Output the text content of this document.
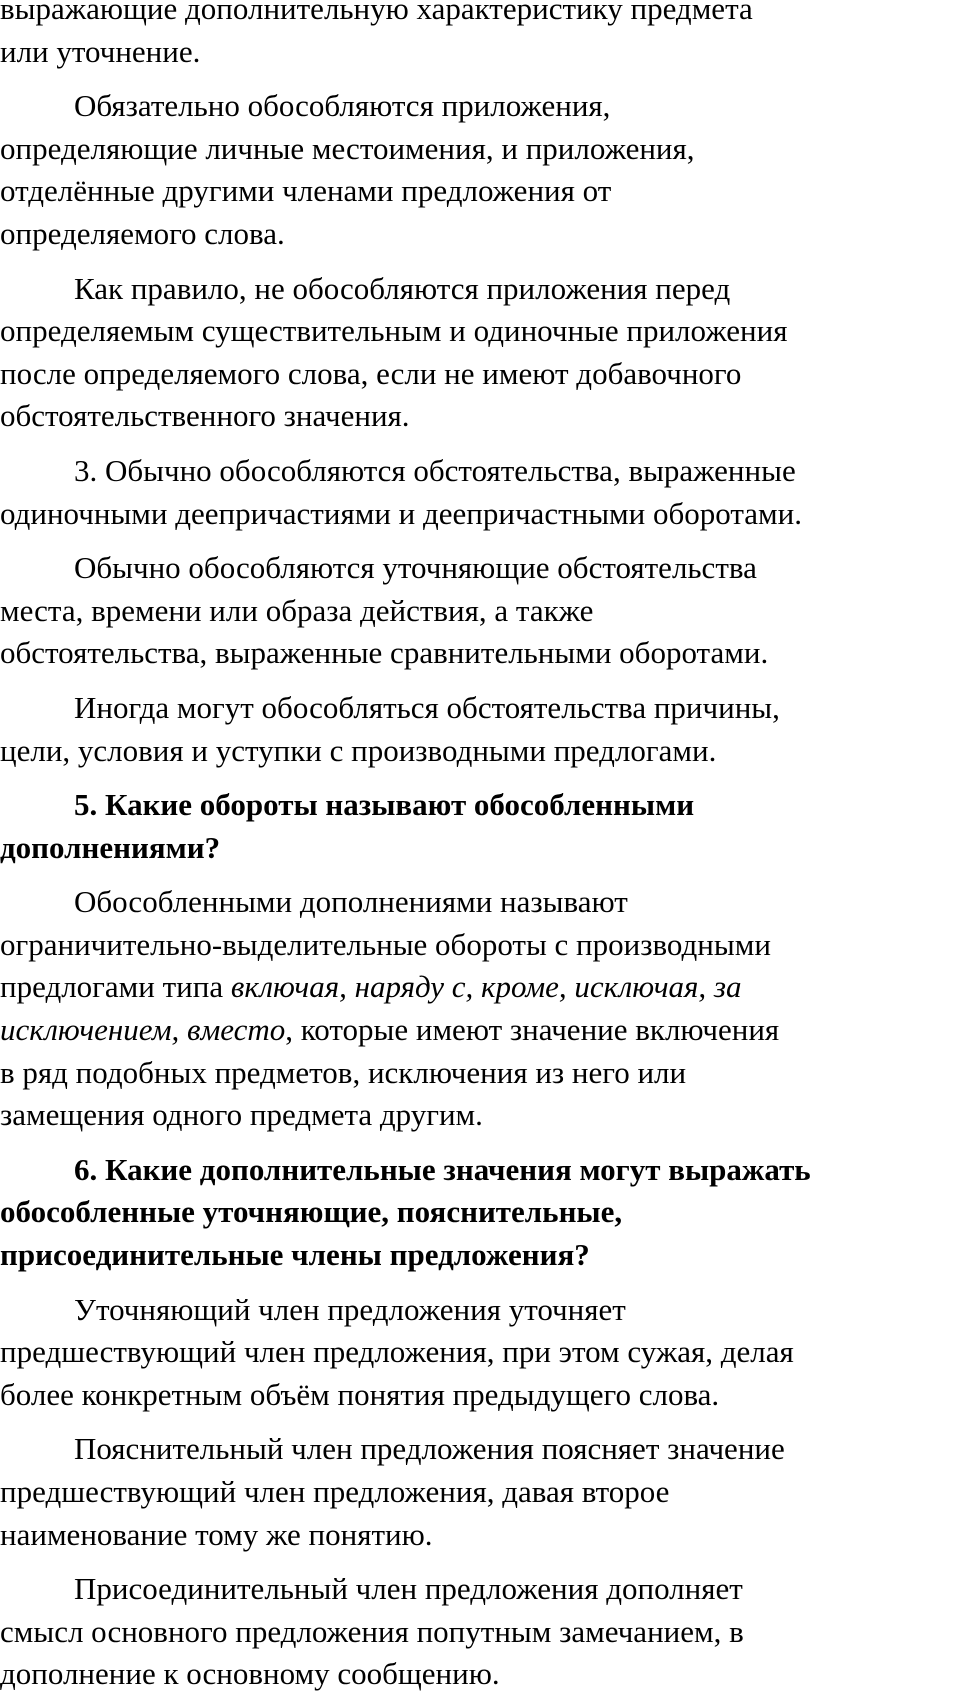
выражающие дополнительную характеристику предмета
или уточнение.

Обязательно обособляются приложения,
определяющие личные местоимения, и приложения,
отделённые другими членами предложения от
определяемого слова.

Как правило, не обособляются приложения перед
определяемым существительным и одиночные приложения
после определяемого слова, если не имеют добавочного
обстоятельственного значения.

3. Обычно обособляются обстоятельства, выраженные
одиночными деепричастиями и деепричастными оборотами.

Обычно обособляются уточняющие обстоятельства
места, времени или образа действия, а также
обстоятельства, выраженные сравнительными оборотами.

Иногда могут обособляться обстоятельства причины,
цели, условия и уступки с производными предлогами.

5. Какие обороты называют обособленными
дополнениями?

Обособленными дополнениями называют
ограничительно-выделительные обороты с производными
предлогами типа включая, наряду с, кроме, исключая, за
исключением, вместо, которые имеют значение включения
в ряд подобных предметов, исключения из него или
замещения одного предмета другим.

6. Какие дополнительные значения могут выражать
обособленные уточняющие, пояснительные,
присоединительные члены предложения?

Уточняющий член предложения уточняет
предшествующий член предложения, при этом сужая, делая
более конкретным объём понятия предыдущего слова.

Пояснительный член предложения поясняет значение
предшествующий член предложения, давая второе
наименование тому же понятию.

Присоединительный член предложения дополняет
смысл основного предложения попутным замечанием, в
дополнение к основному сообщению.
